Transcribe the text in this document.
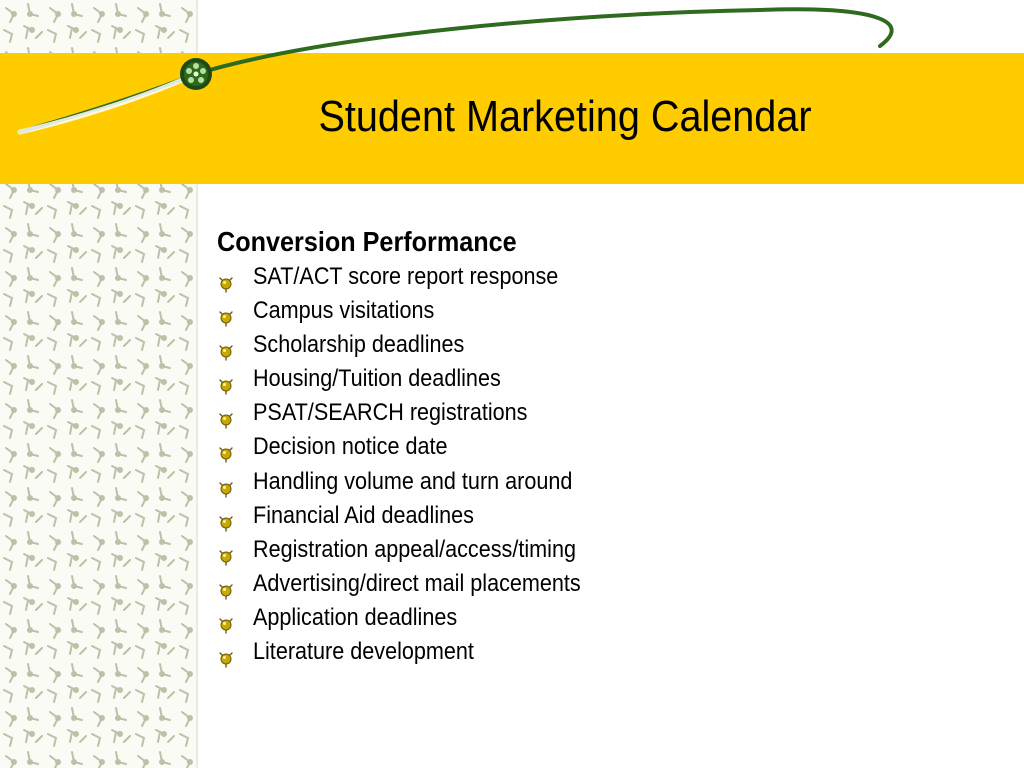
Student Marketing Calendar
Conversion Performance
SAT/ACT score report response
Campus visitations
Scholarship deadlines
Housing/Tuition deadlines
PSAT/SEARCH registrations
Decision notice date
Handling volume and turn around
Financial Aid deadlines
Registration appeal/access/timing
Advertising/direct mail placements
Application deadlines
Literature development
